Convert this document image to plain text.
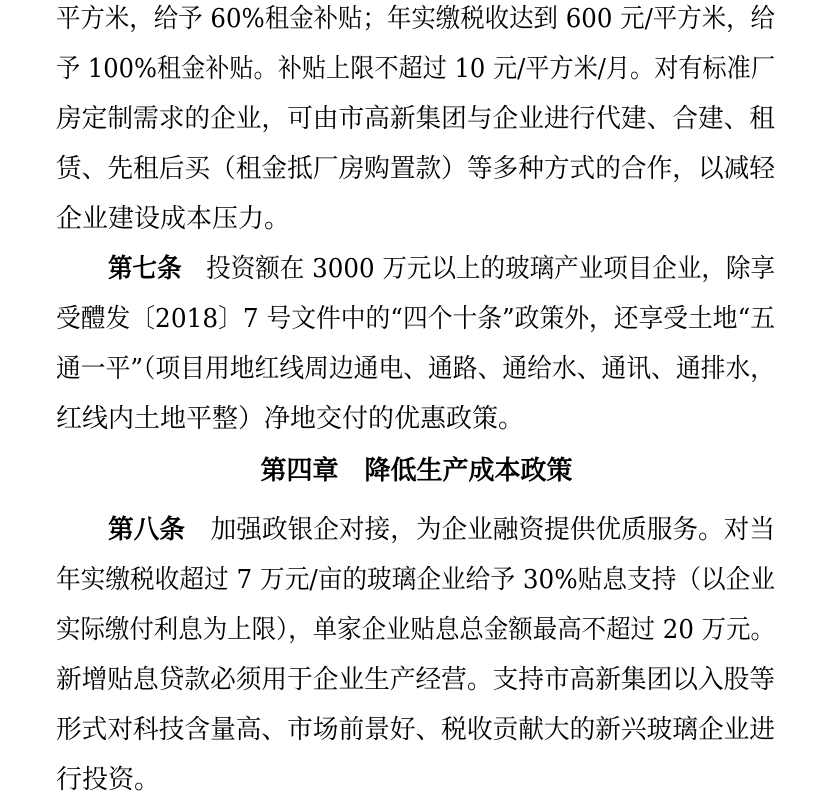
平方米，给予 60%租金补贴；年实缴税收达到 600 元/平方米，给
予 100%租金补贴。补贴上限不超过 10 元/平方米/月。对有标准厂
房定制需求的企业，可由市高新集团与企业进行代建、合建、租
赁、先租后买（租金抵厂房购置款）等多种方式的合作，以减轻
企业建设成本压力。
第七条　 投资额在 3000 万元以上的玻璃产业项目企业，除享
受醴发〔2018〕7 号文件中的“四个十条”政策外，还享受土地“五
通一平”（项目用地红线周边通电、通路、通给水、通讯、通排水，
红线内土地平整）净地交付的优惠政策。
第四章　降低生产成本政策
第八条　 加强政银企对接，为企业融资提供优质服务。对当
年实缴税收超过 7 万元/亩的玻璃企业给予 30%贴息支持（以企业
实际缴付利息为上限），单家企业贴息总金额最高不超过 20 万元。
新增贴息贷款必须用于企业生产经营。支持市高新集团以入股等
形式对科技含量高、市场前景好、税收贡献大的新兴玻璃企业进
行投资。
